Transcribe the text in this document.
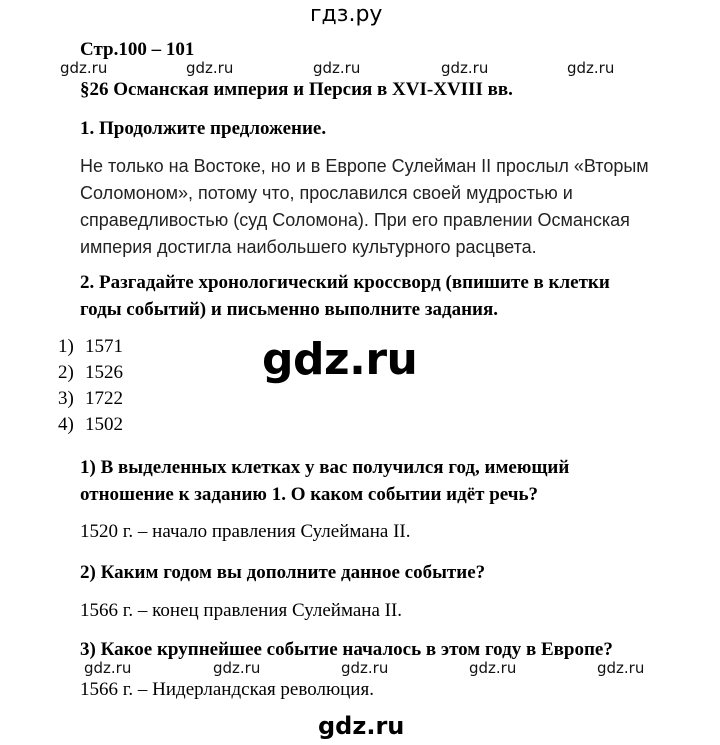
гдз.ру
Стр.100 – 101
gdz.ru	gdz.ru	gdz.ru	gdz.ru	gdz.ru
§26 Османская империя и Персия в XVI-XVIII вв.
1. Продолжите предложение.
Не только на Востоке, но и в Европе Сулейман II прослыл «Вторым
Соломоном», потому что, прославился своей мудростью и
справедливостью (суд Соломона). При его правлении Османская
империя достигла наибольшего культурного расцвета.
2. Разгадайте хронологический кроссворд (впишите в клетки
годы событий) и письменно выполните задания.
1) 1571
2) 1526
3) 1722
4) 1502
gdz.ru
1) В выделенных клетках у вас получился год, имеющий
отношение к заданию 1. О каком событии идёт речь?
1520 г. – начало правления Сулеймана II.
2) Каким годом вы дополните данное событие?
1566 г. – конец правления Сулеймана II.
3) Какое крупнейшее событие началось в этом году в Европе?
gdz.ru	gdz.ru	gdz.ru	gdz.ru	gdz.ru
1566 г. – Нидерландская революция.
gdz.ru
